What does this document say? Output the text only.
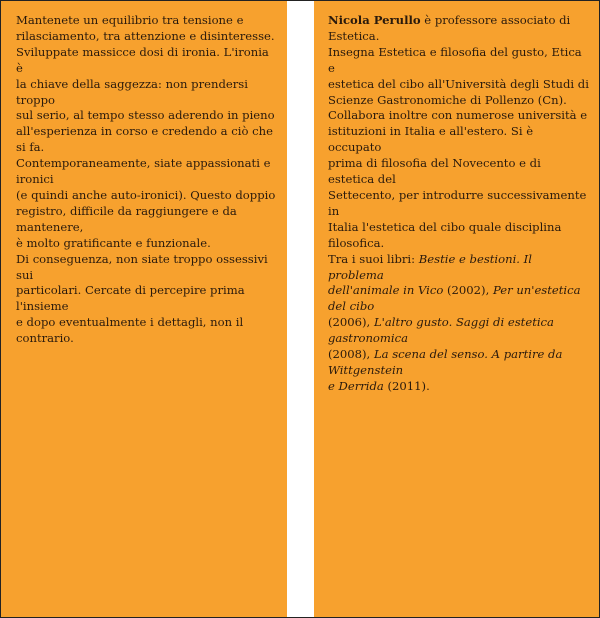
Mantenete un equilibrio tra tensione e

rilasciamento, tra attenzione e disinteresse.

Sviluppate massicce dosi di ironia. L'ironia è

la chiave della saggezza: non prendersi troppo

sul serio, al tempo stesso aderendo in pieno

all'esperienza in corso e credendo a ciò che si fa.

Contemporaneamente, siate appassionati e ironici

(e quindi anche auto-ironici). Questo doppio

registro, difficile da raggiungere e da mantenere,

è molto gratificante e funzionale.

Di conseguenza, non siate troppo ossessivi sui

particolari. Cercate di percepire prima l'insieme

e dopo eventualmente i dettagli, non il contrario.

Nicola Perullo è professore associato di Estetica.

Insegna Estetica e filosofia del gusto, Etica e

estetica del cibo all'Università degli Studi di

Scienze Gastronomiche di Pollenzo (Cn).

Collabora inoltre con numerose università e

istituzioni in Italia e all'estero. Si è occupato

prima di filosofia del Novecento e di estetica del

Settecento, per introdurre successivamente in

Italia l'estetica del cibo quale disciplina filosofica.

Tra i suoi libri: Bestie e bestioni. Il problema

dell'animale in Vico (2002), Per un'estetica del cibo

(2006), L'altro gusto. Saggi di estetica gastronomica

(2008), La scena del senso. A partire da Wittgenstein

e Derrida (2011).
